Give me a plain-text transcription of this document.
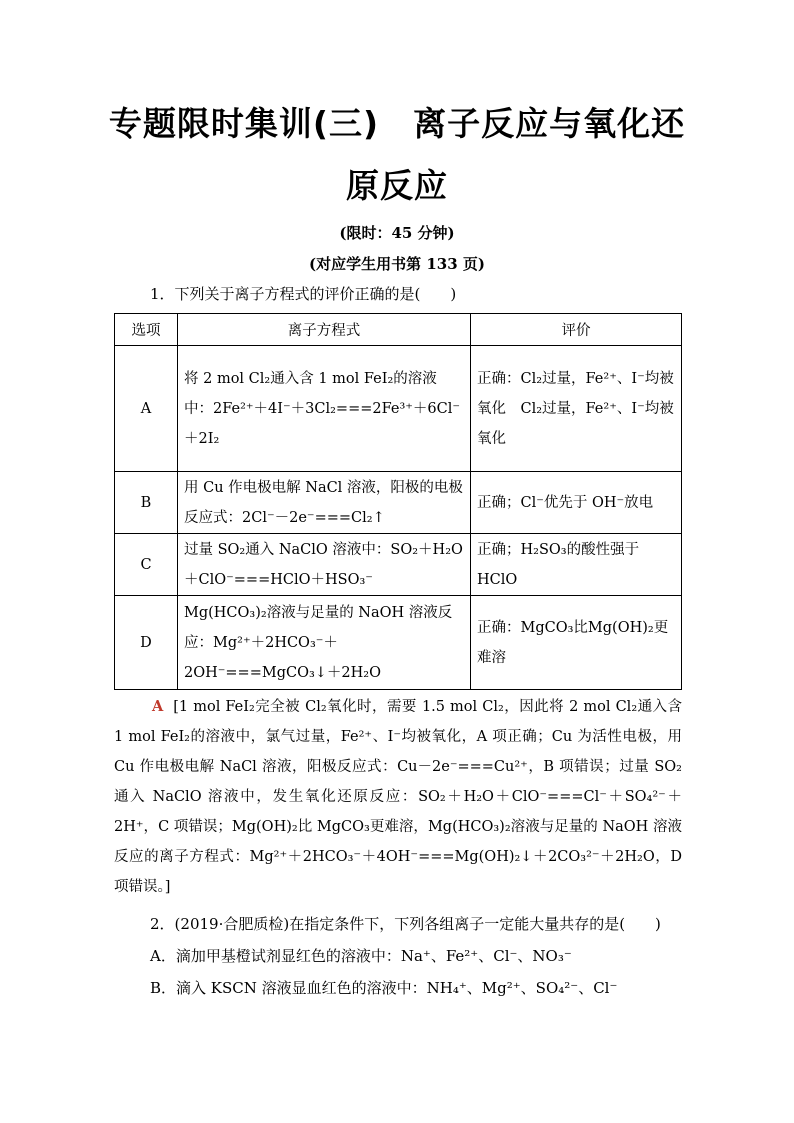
专题限时集训(三)　离子反应与氧化还
原反应
(限时：45 分钟)
(对应学生用书第 133 页)
1．下列关于离子方程式的评价正确的是(　　)
选项	离子方程式	评价
A	将 2 mol Cl₂通入含 1 mol FeI₂的溶液中：2Fe²⁺＋4I⁻＋3Cl₂===2Fe³⁺＋6Cl⁻＋2I₂	正确：Cl₂过量，Fe²⁺、I⁻均被氧化　Cl₂过量，Fe²⁺、I⁻均被氧化
B	用 Cu 作电极电解 NaCl 溶液，阳极的电极反应式：2Cl⁻－2e⁻===Cl₂↑	正确；Cl⁻优先于 OH⁻放电
C	过量 SO₂通入 NaClO 溶液中：SO₂＋H₂O＋ClO⁻===HClO＋HSO₃⁻	正确；H₂SO₃的酸性强于 HClO
D	Mg(HCO₃)₂溶液与足量的 NaOH 溶液反应：Mg²⁺＋2HCO₃⁻＋2OH⁻===MgCO₃↓＋2H₂O	正确：MgCO₃比Mg(OH)₂更难溶
A [1 mol FeI₂完全被 Cl₂氧化时，需要 1.5 mol Cl₂，因此将 2 mol Cl₂通入含 1 mol FeI₂的溶液中，氯气过量，Fe²⁺、I⁻均被氧化，A 项正确；Cu 为活性电极，用 Cu 作电极电解 NaCl 溶液，阳极反应式：Cu－2e⁻===Cu²⁺，B 项错误；过量 SO₂通入 NaClO 溶液中，发生氧化还原反应：SO₂＋H₂O＋ClO⁻===Cl⁻＋SO₄²⁻＋2H⁺，C 项错误；Mg(OH)₂比 MgCO₃更难溶，Mg(HCO₃)₂溶液与足量的 NaOH 溶液反应的离子方程式：Mg²⁺＋2HCO₃⁻＋4OH⁻===Mg(OH)₂↓＋2CO₃²⁻＋2H₂O，D 项错误。]
2．(2019·合肥质检)在指定条件下，下列各组离子一定能大量共存的是(　　)
A．滴加甲基橙试剂显红色的溶液中：Na⁺、Fe²⁺、Cl⁻、NO₃⁻
B．滴入 KSCN 溶液显血红色的溶液中：NH₄⁺、Mg²⁺、SO₄²⁻、Cl⁻
